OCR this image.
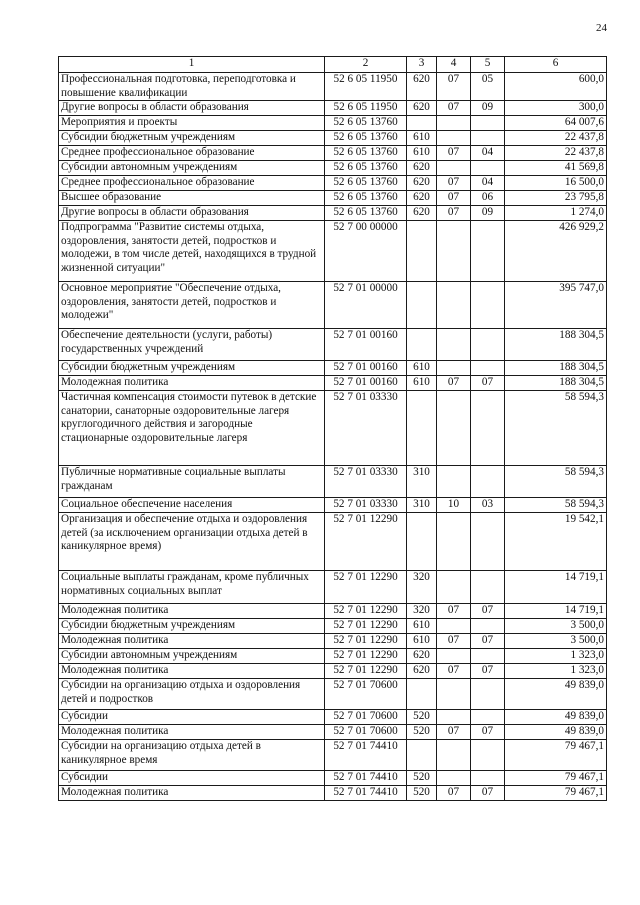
24
1	2	3	4	5	6
Профессиональная подготовка, переподготовка и повышение квалификации	52 6 05 11950	620	07	05	600,0
Другие вопросы в области образования	52 6 05 11950	620	07	09	300,0
Мероприятия и проекты	52 6 05 13760				64 007,6
Субсидии бюджетным учреждениям	52 6 05 13760	610			22 437,8
Среднее профессиональное образование	52 6 05 13760	610	07	04	22 437,8
Субсидии автономным учреждениям	52 6 05 13760	620			41 569,8
Среднее профессиональное образование	52 6 05 13760	620	07	04	16 500,0
Высшее образование	52 6 05 13760	620	07	06	23 795,8
Другие вопросы в области образования	52 6 05 13760	620	07	09	1 274,0
Подпрограмма "Развитие системы отдыха, оздоровления, занятости детей, подростков и молодежи, в том числе детей, находящихся в трудной жизненной ситуации"	52 7 00 00000				426 929,2
Основное мероприятие "Обеспечение отдыха, оздоровления, занятости детей, подростков и молодежи"	52 7 01 00000				395 747,0
Обеспечение деятельности (услуги, работы) государственных учреждений	52 7 01 00160				188 304,5
Субсидии бюджетным учреждениям	52 7 01 00160	610			188 304,5
Молодежная политика	52 7 01 00160	610	07	07	188 304,5
Частичная компенсация стоимости путевок в детские санатории, санаторные оздоровительные лагеря круглогодичного действия и загородные стационарные оздоровительные лагеря	52 7 01 03330				58 594,3
Публичные нормативные социальные выплаты гражданам	52 7 01 03330	310			58 594,3
Социальное обеспечение населения	52 7 01 03330	310	10	03	58 594,3
Организация и обеспечение отдыха и оздоровления детей (за исключением организации отдыха детей в каникулярное время)	52 7 01 12290				19 542,1
Социальные выплаты гражданам, кроме публичных нормативных социальных выплат	52 7 01 12290	320			14 719,1
Молодежная политика	52 7 01 12290	320	07	07	14 719,1
Субсидии бюджетным учреждениям	52 7 01 12290	610			3 500,0
Молодежная политика	52 7 01 12290	610	07	07	3 500,0
Субсидии автономным учреждениям	52 7 01 12290	620			1 323,0
Молодежная политика	52 7 01 12290	620	07	07	1 323,0
Субсидии на организацию отдыха и оздоровления детей и подростков	52 7 01 70600				49 839,0
Субсидии	52 7 01 70600	520			49 839,0
Молодежная политика	52 7 01 70600	520	07	07	49 839,0
Субсидии на организацию отдыха детей в каникулярное время	52 7 01 74410				79 467,1
Субсидии	52 7 01 74410	520			79 467,1
Молодежная политика	52 7 01 74410	520	07	07	79 467,1
